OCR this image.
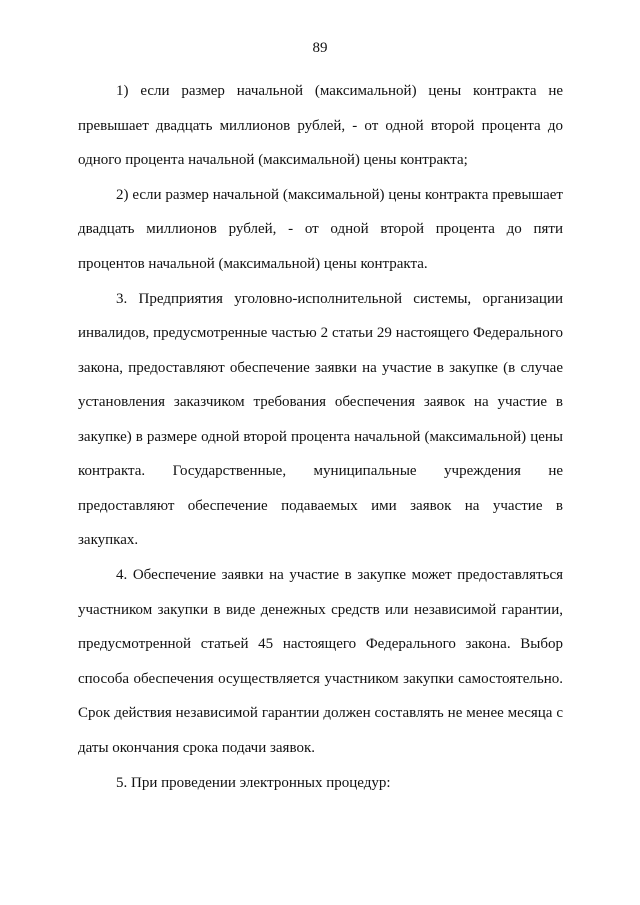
89
1) если размер начальной (максимальной) цены контракта не
превышает двадцать миллионов рублей, - от одной второй процента до
одного процента начальной (максимальной) цены контракта;
2) если размер начальной (максимальной) цены контракта превышает
двадцать миллионов рублей, - от одной второй процента до пяти
процентов начальной (максимальной) цены контракта.
3. Предприятия уголовно-исполнительной системы, организации
инвалидов, предусмотренные частью 2 статьи 29 настоящего Федерального
закона, предоставляют обеспечение заявки на участие в закупке (в случае
установления заказчиком требования обеспечения заявок на участие в
закупке) в размере одной второй процента начальной (максимальной) цены
контракта. Государственные, муниципальные учреждения не
предоставляют обеспечение подаваемых ими заявок на участие в
закупках.
4. Обеспечение заявки на участие в закупке может предоставляться
участником закупки в виде денежных средств или независимой гарантии,
предусмотренной статьей 45 настоящего Федерального закона. Выбор
способа обеспечения осуществляется участником закупки самостоятельно.
Срок действия независимой гарантии должен составлять не менее месяца с
даты окончания срока подачи заявок.
5. При проведении электронных процедур:
